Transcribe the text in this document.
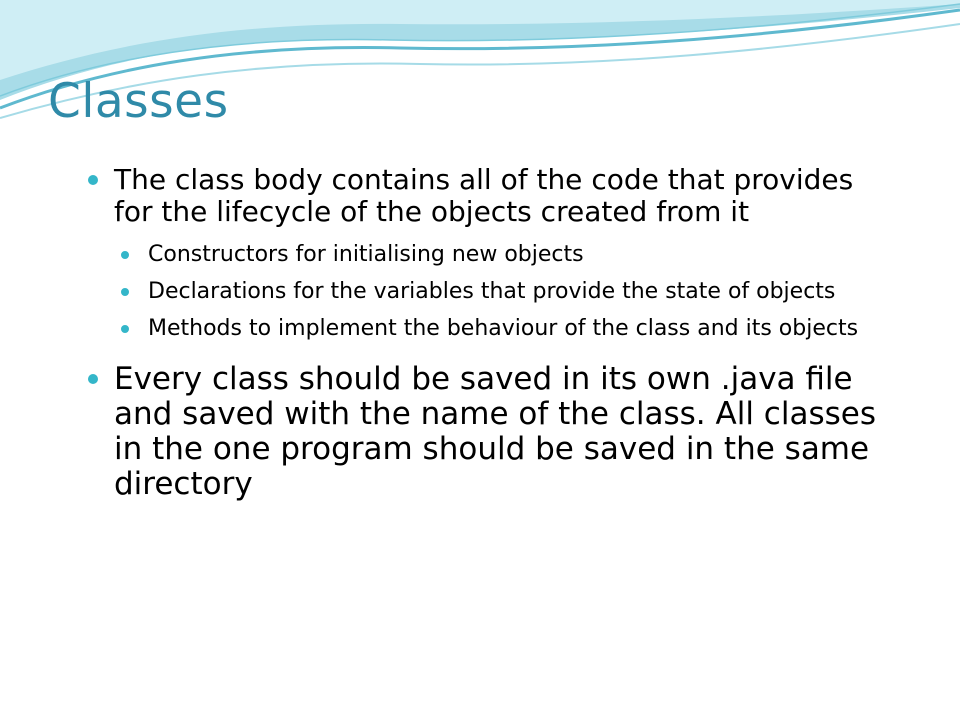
Classes
The class body contains all of the code that provides for the lifecycle of the objects created from it
Constructors for initialising new objects
Declarations for the variables that provide the state of objects
Methods to implement the behaviour of the class and its objects
Every class should be saved in its own .java file and saved with the name of the class. All classes in the one program should be saved in the same directory
